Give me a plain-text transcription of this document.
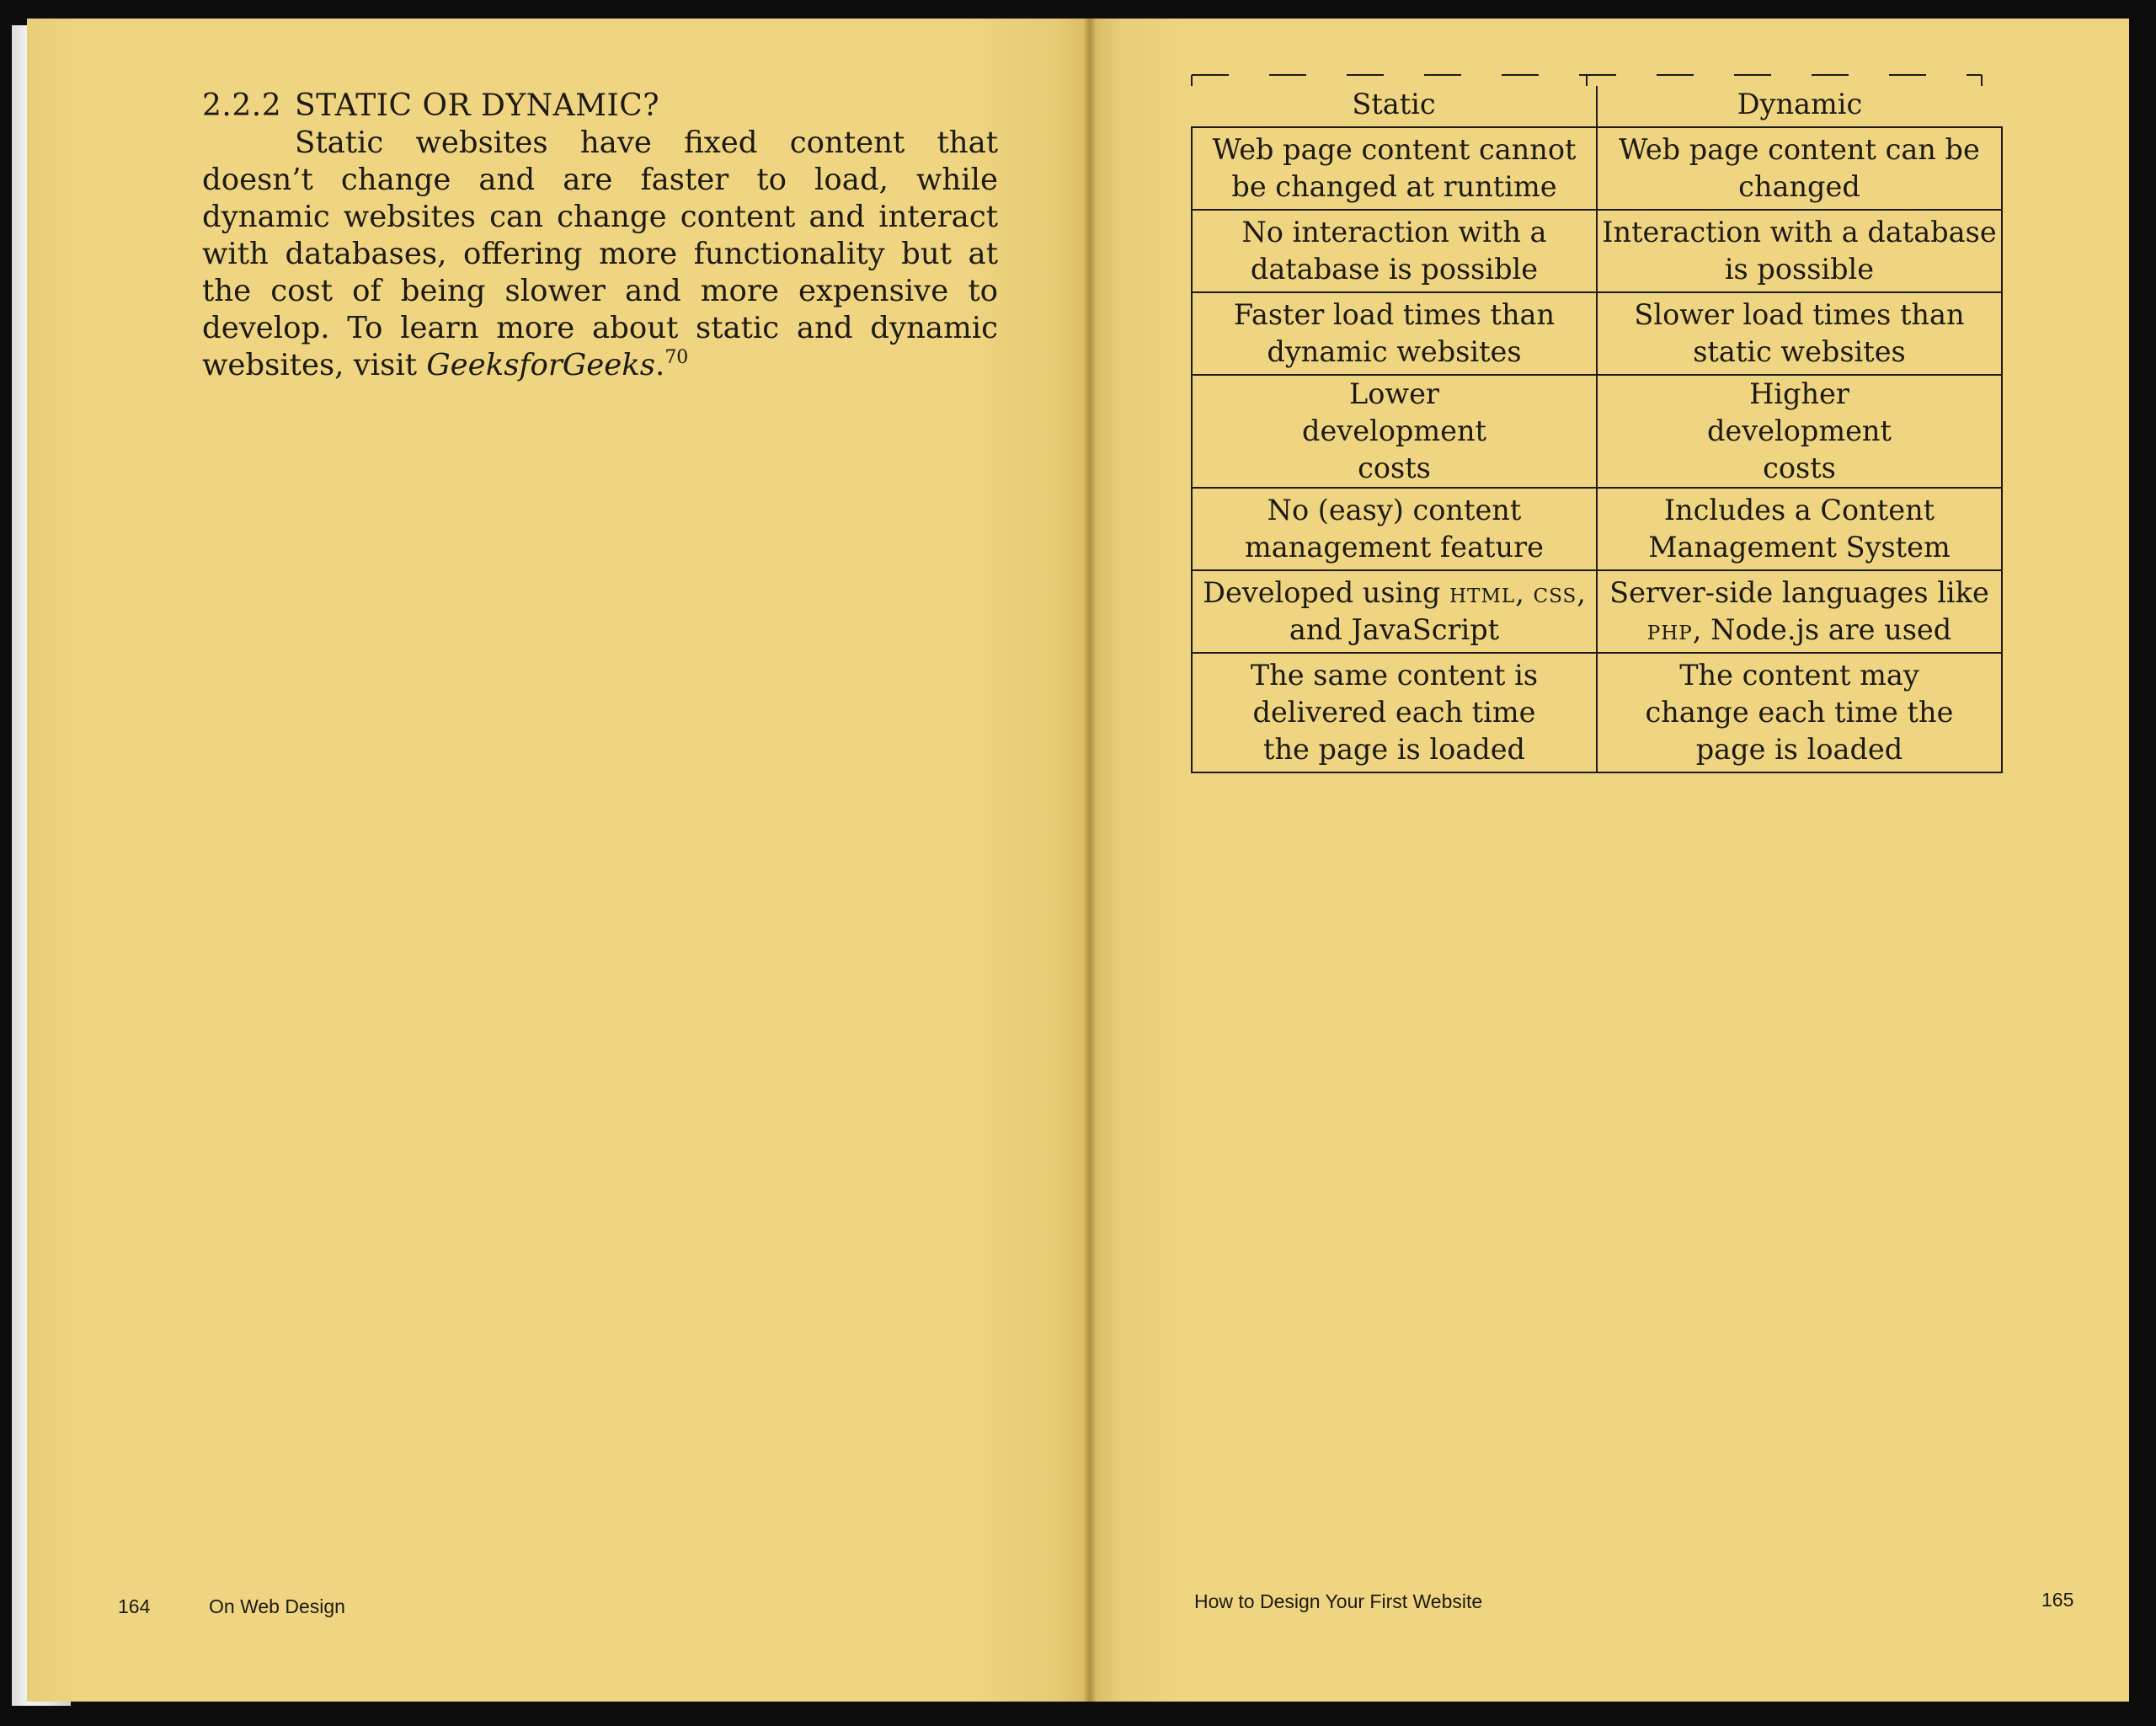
2.2.2 STATIC OR DYNAMIC?
Static websites have fixed content that doesn’t change and are faster to load, while dynamic websites can change content and interact with databases, offering more functionality but at the cost of being slower and more expensive to develop. To learn more about static and dynamic websites, visit GeeksforGeeks.$^{70}$
Static	Dynamic
Web page content cannot be changed at runtime	Web page content can be changed
No interaction with a database is possible	Interaction with a database is possible
Faster load times than dynamic websites	Slower load times than static websites
Lower development costs	Higher development costs
No (easy) content management feature	Includes a Content Management System
Developed using html, css, and JavaScript	Server-side languages like php, Node.js are used
The same content is delivered each time the page is loaded	The content may change each time the page is loaded
164	On Web Design	How to Design Your First Website	165
